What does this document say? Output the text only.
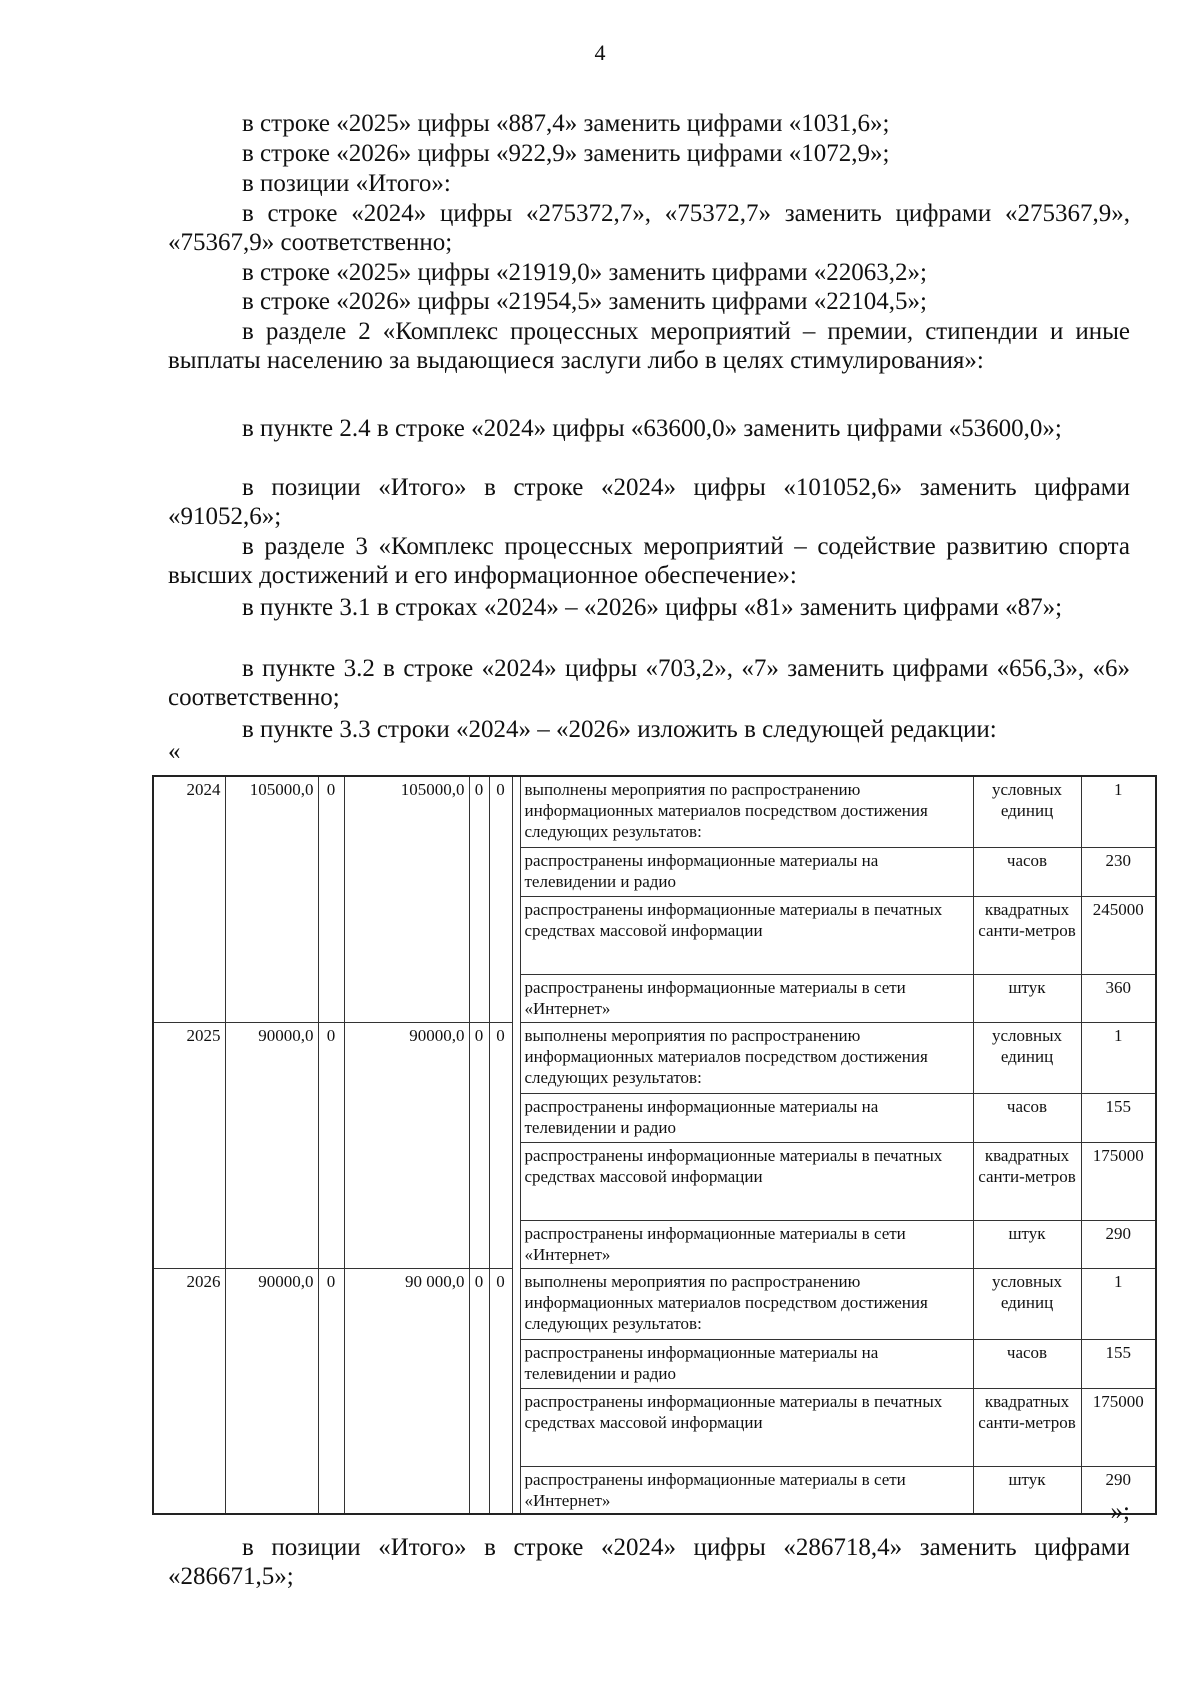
4
в строке «2025» цифры «887,4» заменить цифрами «1031,6»;
в строке «2026» цифры «922,9» заменить цифрами «1072,9»;
в позиции «Итого»:
в строке «2024» цифры «275372,7», «75372,7» заменить цифрами «275367,9», «75367,9» соответственно;
в строке «2025» цифры «21919,0» заменить цифрами «22063,2»;
в строке «2026» цифры «21954,5» заменить цифрами «22104,5»;
в разделе 2 «Комплекс процессных мероприятий – премии, стипендии и иные выплаты населению за выдающиеся заслуги либо в целях стимулирования»:
в пункте 2.4 в строке «2024» цифры «63600,0» заменить цифрами «53600,0»;
в позиции «Итого» в строке «2024» цифры «101052,6» заменить цифрами «91052,6»;
в разделе 3 «Комплекс процессных мероприятий – содействие развитию спорта высших достижений и его информационное обеспечение»:
в пункте 3.1 в строках «2024» – «2026» цифры «81» заменить цифрами «87»;
в пункте 3.2 в строке «2024» цифры «703,2», «7» заменить цифрами «656,3», «6» соответственно;
в пункте 3.3 строки «2024» – «2026» изложить в следующей редакции:
«
2024	105000,0	0	105000,0	0	0		выполнены мероприятия по распространению информационных материалов посредством достижения следующих результатов:	условных единиц	1
							распространены информационные материалы на телевидении и радио	часов	230
							распространены информационные материалы в печатных средствах массовой информации	квадратных санти-метров	245000
							распространены информационные материалы в сети «Интернет»	штук	360
2025	90000,0	0	90000,0	0	0		выполнены мероприятия по распространению информационных материалов посредством достижения следующих результатов:	условных единиц	1
							распространены информационные материалы на телевидении и радио	часов	155
							распространены информационные материалы в печатных средствах массовой информации	квадратных санти-метров	175000
							распространены информационные материалы в сети «Интернет»	штук	290
2026	90000,0	0	90 000,0	0	0		выполнены мероприятия по распространению информационных материалов посредством достижения следующих результатов:	условных единиц	1
							распространены информационные материалы на телевидении и радио	часов	155
							распространены информационные материалы в печатных средствах массовой информации	квадратных санти-метров	175000
							распространены информационные материалы в сети «Интернет»	штук	290
»;
в позиции «Итого» в строке «2024» цифры «286718,4» заменить цифрами «286671,5»;
